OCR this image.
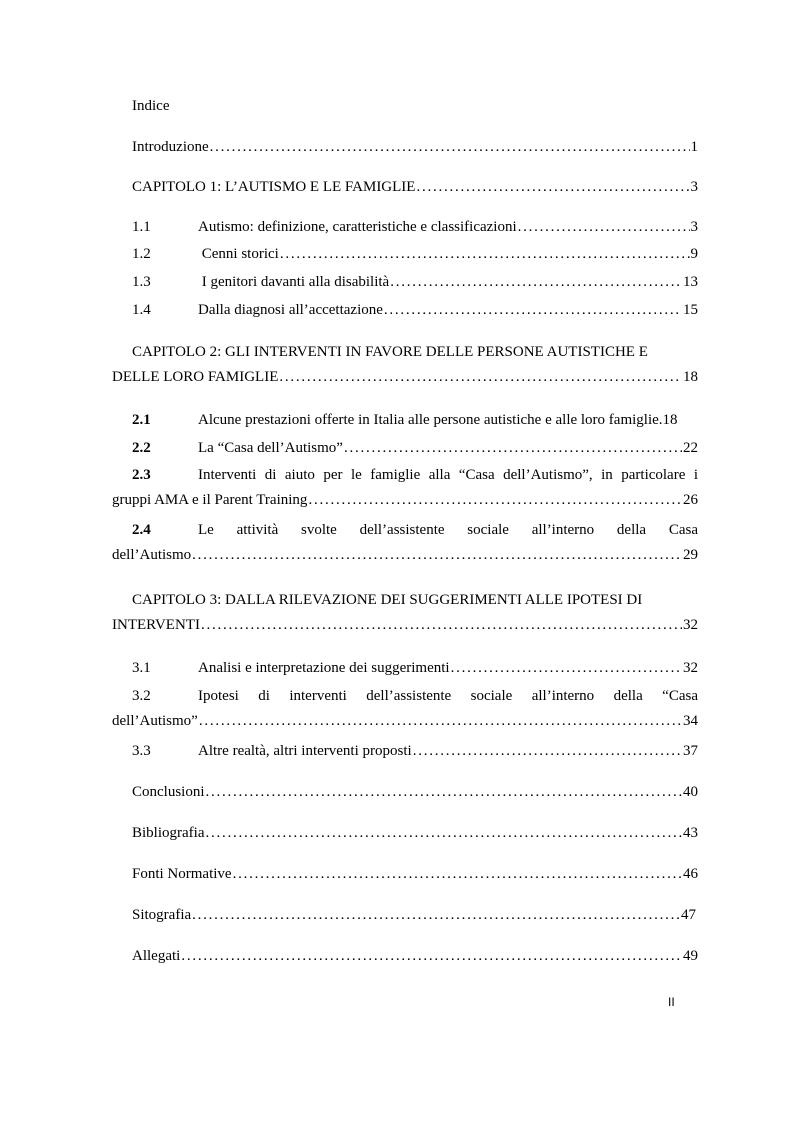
Indice
Introduzione . . .	1
CAPITOLO 1: L’AUTISMO E LE FAMIGLIE . . .	3
1.1	Autismo: definizione, caratteristiche e classificazioni . . .	3
1.2	Cenni storici . . .	9
1.3	I genitori davanti alla disabilità . . .	13
1.4	Dalla diagnosi all’accettazione . . .	15
CAPITOLO 2: GLI INTERVENTI IN FAVORE DELLE PERSONE AUTISTICHE E
DELLE LORO FAMIGLIE . . .	18
2.1	Alcune prestazioni offerte in Italia alle persone autistiche e alle loro famiglie. 18
2.2	La “Casa dell’Autismo” . . .	22
2.3	Interventi di aiuto per le famiglie alla “Casa dell’Autismo”, in particolare i
gruppi AMA e il Parent Training . . .	26
2.4	Le attività svolte dell’assistente sociale all’interno della Casa
dell’Autismo . . .	29
CAPITOLO 3: DALLA RILEVAZIONE DEI SUGGERIMENTI ALLE IPOTESI DI
INTERVENTI . . .	32
3.1	Analisi e interpretazione dei suggerimenti . . .	32
3.2	Ipotesi di interventi dell’assistente sociale all’interno della “Casa
dell’Autismo” . . .	34
3.3	Altre realtà, altri interventi proposti . . .	37
Conclusioni . . .	40
Bibliografia . . .	43
Fonti Normative . . .	46
Sitografia . . .	47
Allegati . . .	49
II
